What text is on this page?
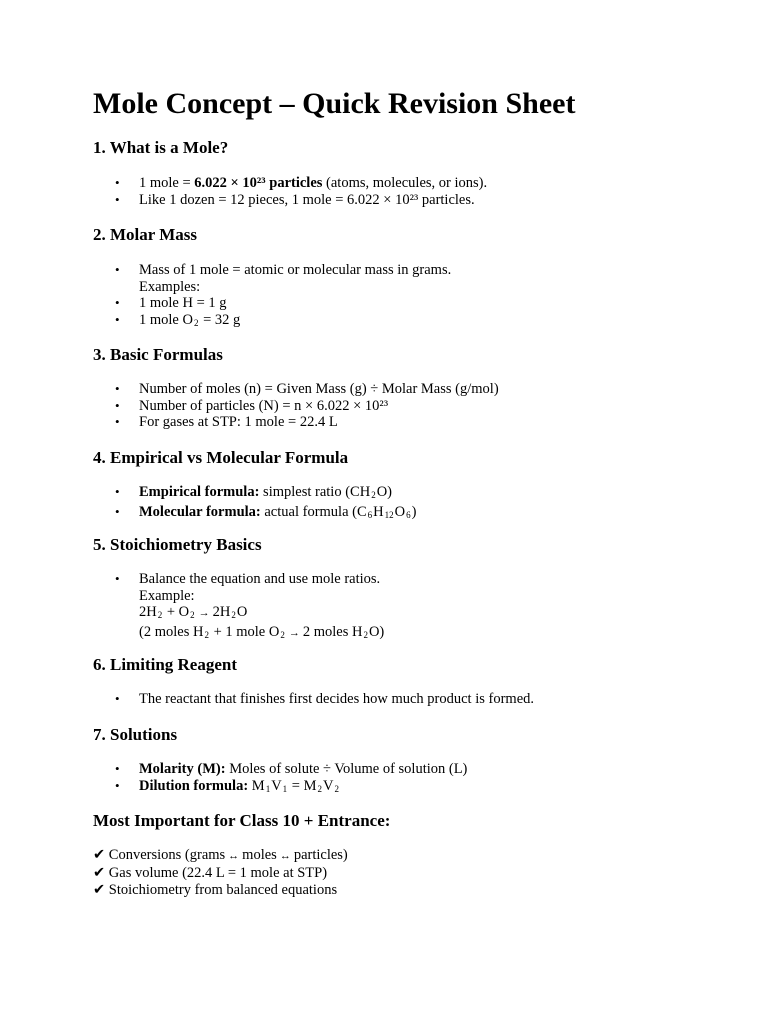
Mole Concept – Quick Revision Sheet
1. What is a Mole?
• 1 mole = 6.022 × 10²³ particles (atoms, molecules, or ions).
• Like 1 dozen = 12 pieces, 1 mole = 6.022 × 10²³ particles.
2. Molar Mass
• Mass of 1 mole = atomic or molecular mass in grams.
Examples:
• 1 mole H = 1 g
• 1 mole $O_2 = 32$ g
3. Basic Formulas
• Number of moles (n) = Given Mass (g) ÷ Molar Mass (g/mol)
• Number of particles (N) = n × 6.022 × 10²³
• For gases at STP: 1 mole = 22.4 L
4. Empirical vs Molecular Formula
• Empirical formula: simplest ratio $(CH_2O)$
• Molecular formula: actual formula $(C_6H_{12}O_6)$
5. Stoichiometry Basics
• Balance the equation and use mole ratios.
Example:
$2H_2 + O_2 \to 2H_2O$
(2 moles $H_2 + 1$ mole $O_2 \to 2$ moles $H_2O$)
6. Limiting Reagent
• The reactant that finishes first decides how much product is formed.
7. Solutions
• Molarity (M): Moles of solute ÷ Volume of solution (L)
• Dilution formula: $M_1V_1 = M_2V_2$
Most Important for Class 10 + Entrance:
✔ Conversions (grams ↔ moles ↔ particles)
✔ Gas volume (22.4 L = 1 mole at STP)
✔ Stoichiometry from balanced equations
